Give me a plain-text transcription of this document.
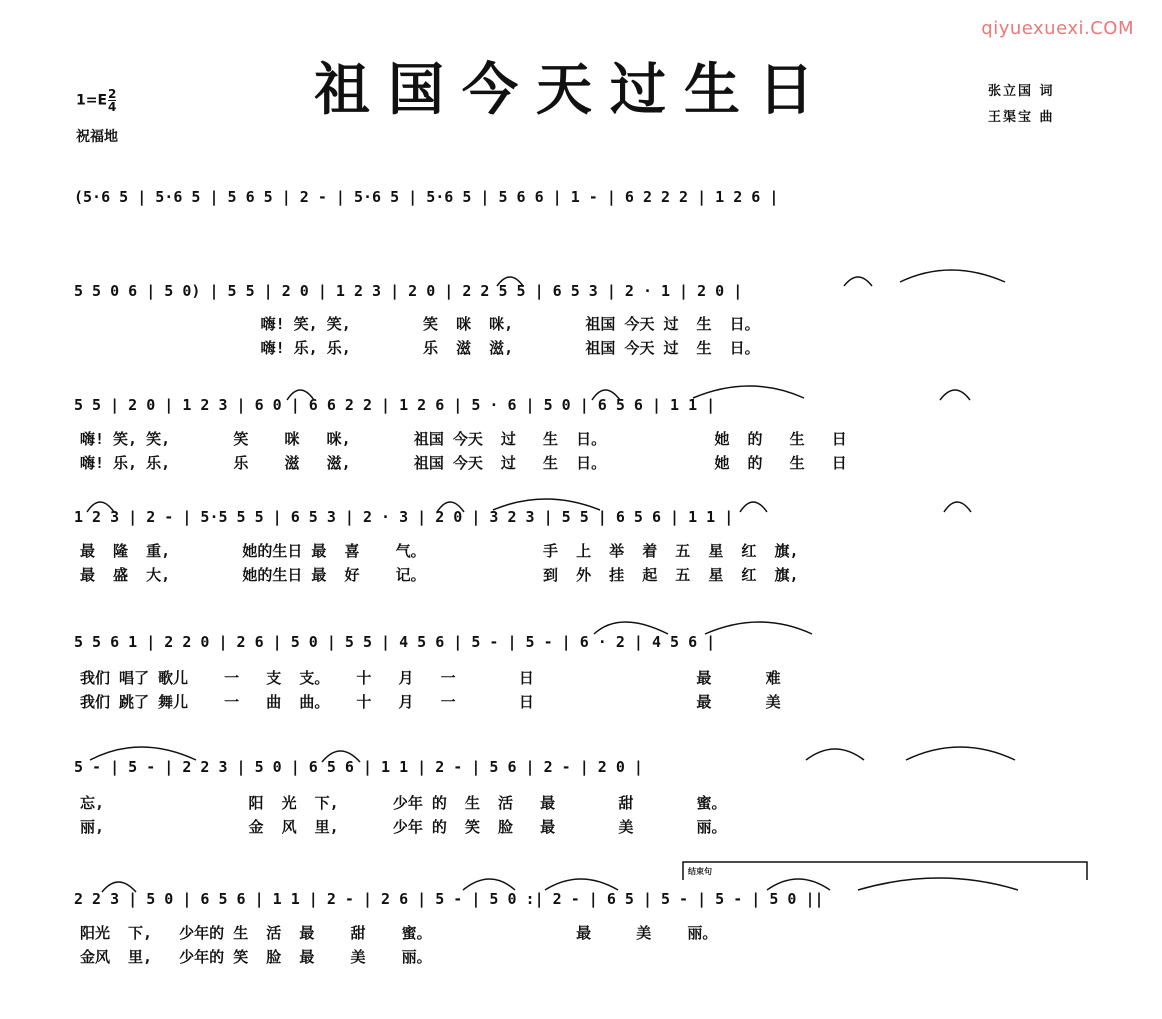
qiyuexuexi.COM
祖国今天过生日
$1=E \frac{2}{4}$
祝福地
张立国 词
王渠宝 曲
(5·6 5 | 5·6 5 | 5 6 5 | 2 - | 5·6 5 | 5·6 5 | 5 6 6 | 1 - | 6 2 2 2 | 1 2 6 |
5 5 0 6 | 5 0) | 5 5 | 2 0 | 1 2 3 | 2 0 | 2 2 5 5 | 6 5 3 | 2 · 1 | 2 0 |
嗨! 笑, 笑,        笑  咪  咪,        祖国 今天 过  生  日。
嗨! 乐, 乐,        乐  滋  滋,        祖国 今天 过  生  日。
5 5 | 2 0 | 1 2 3 | 6 0 | 6 6 2 2 | 1 2 6 | 5 · 6 | 5 0 | 6 5 6 | 1 1 |
嗨! 笑, 笑,       笑    咪   咪,       祖国 今天  过   生  日。            她  的   生   日
嗨! 乐, 乐,       乐    滋   滋,       祖国 今天  过   生  日。            她  的   生   日
1 2 3 | 2 - | 5·5 5 5 | 6 5 3 | 2 · 3 | 2 0 | 3 2 3 | 5 5 | 6 5 6 | 1 1 |
最  隆  重,        她的生日 最  喜    气。             手  上  举  着  五  星  红  旗,
最  盛  大,        她的生日 最  好    记。             到  外  挂  起  五  星  红  旗,
5 5 6 1 | 2 2 0 | 2 6 | 5 0 | 5 5 | 4 5 6 | 5 - | 5 - | 6 · 2 | 4 5 6 |
我们 唱了 歌儿    一   支  支。   十   月   一       日                  最      难
我们 跳了 舞儿    一   曲  曲。   十   月   一       日                  最      美
5 - | 5 - | 2 2 3 | 5 0 | 6 5 6 | 1 1 | 2 - | 5 6 | 2 - | 2 0 |
忘,                阳  光  下,      少年 的  生  活   最       甜       蜜。
丽,                金  风  里,      少年 的  笑  脸   最       美       丽。
结束句
2 2 3 | 5 0 | 6 5 6 | 1 1 | 2 - | 2 6 | 5 - | 5 0 :| 2 - | 6 5 | 5 - | 5 - | 5 0 ||
阳光  下,   少年的 生  活  最    甜    蜜。                最     美    丽。
金风  里,   少年的 笑  脸  最    美    丽。
